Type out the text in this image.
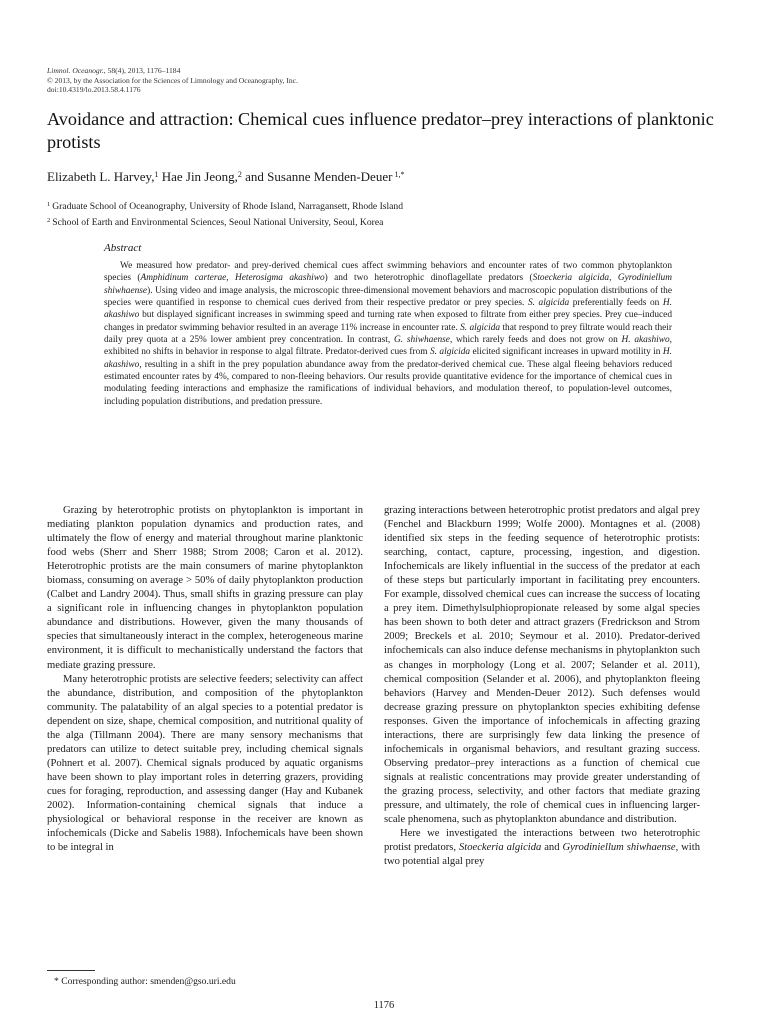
Limnol. Oceanogr., 58(4), 2013, 1176–1184
© 2013, by the Association for the Sciences of Limnology and Oceanography, Inc.
doi:10.4319/lo.2013.58.4.1176
Avoidance and attraction: Chemical cues influence predator–prey interactions of planktonic protists
Elizabeth L. Harvey,$^1$ Hae Jin Jeong,$^2$ and Susanne Menden-Deuer $^{1,*}$
$^1$ Graduate School of Oceanography, University of Rhode Island, Narragansett, Rhode Island
$^2$ School of Earth and Environmental Sciences, Seoul National University, Seoul, Korea
Abstract

We measured how predator- and prey-derived chemical cues affect swimming behaviors and encounter rates of two common phytoplankton species (Amphidinum carterae, Heterosigma akashiwo) and two heterotrophic dinoflagellate predators (Stoeckeria algicida, Gyrodiniellum shiwhaense). Using video and image analysis, the microscopic three-dimensional movement behaviors and macroscopic population distributions of the species were quantified in response to chemical cues derived from their respective predator or prey species. S. algicida preferentially feeds on H. akashiwo but displayed significant increases in swimming speed and turning rate when exposed to filtrate from either prey species. Prey cue–induced changes in predator swimming behavior resulted in an average 11% increase in encounter rate. S. algicida that respond to prey filtrate would reach their daily prey quota at a 25% lower ambient prey concentration. In contrast, G. shiwhaense, which rarely feeds and does not grow on H. akashiwo, exhibited no shifts in behavior in response to algal filtrate. Predator-derived cues from S. algicida elicited significant increases in upward motility in H. akashiwo, resulting in a shift in the prey population abundance away from the predator-derived chemical cue. These algal fleeing behaviors reduced estimated encounter rates by 4%, compared to non-fleeing behaviors. Our results provide quantitative evidence for the importance of chemical cues in modulating feeding interactions and emphasize the ramifications of individual behaviors, and modulation thereof, to population-level outcomes, including population distributions, and predation pressure.

Grazing by heterotrophic protists on phytoplankton is important in mediating plankton population dynamics and production rates, and ultimately the flow of energy and material throughout marine planktonic food webs (Sherr and Sherr 1988; Strom 2008; Caron et al. 2012). Heterotrophic protists are the main consumers of marine phytoplankton biomass, consuming on average > 50% of daily phytoplankton production (Calbet and Landry 2004). Thus, small shifts in grazing pressure can play a significant role in influencing changes in phytoplankton population abundance and distributions. However, given the many thousands of species that simultaneously interact in the complex, heterogeneous marine environment, it is difficult to mechanistically understand the factors that mediate grazing pressure.

Many heterotrophic protists are selective feeders; selectivity can affect the abundance, distribution, and composition of the phytoplankton community. The palatability of an algal species to a potential predator is dependent on size, shape, chemical composition, and nutritional quality of the alga (Tillmann 2004). There are many sensory mechanisms that predators can utilize to detect suitable prey, including chemical signals (Pohnert et al. 2007). Chemical signals produced by aquatic organisms have been shown to play important roles in deterring grazers, providing cues for foraging, reproduction, and assessing danger (Hay and Kubanek 2002). Information-containing chemical signals that induce a physiological or behavioral response in the receiver are known as infochemicals (Dicke and Sabelis 1988). Infochemicals have been shown to be integral in

grazing interactions between heterotrophic protist predators and algal prey (Fenchel and Blackburn 1999; Wolfe 2000). Montagnes et al. (2008) identified six steps in the feeding sequence of heterotrophic protists: searching, contact, capture, processing, ingestion, and digestion. Infochemicals are likely influential in the success of the predator at each of these steps but particularly important in facilitating prey encounters. For example, dissolved chemical cues can increase the success of locating a prey item. Dimethylsulphiopropionate released by some algal species has been shown to both deter and attract grazers (Fredrickson and Strom 2009; Breckels et al. 2010; Seymour et al. 2010). Predator-derived infochemicals can also induce defense mechanisms in phytoplankton such as changes in morphology (Long et al. 2007; Selander et al. 2011), chemical composition (Selander et al. 2006), and phytoplankton fleeing behaviors (Harvey and Menden-Deuer 2012). Such defenses would decrease grazing pressure on phytoplankton species exhibiting defense responses. Given the importance of infochemicals in affecting grazing interactions, there are surprisingly few data linking the presence of infochemicals in organismal behaviors, and resultant grazing success. Observing predator–prey interactions as a function of chemical cue signals at realistic concentrations may provide greater understanding of the grazing process, selectivity, and other factors that mediate grazing pressure, and ultimately, the role of chemical cues in influencing larger-scale phenomena, such as phytoplankton abundance and distribution.

Here we investigated the interactions between two heterotrophic protist predators, Stoeckeria algicida and Gyrodiniellum shiwhaense, with two potential algal prey

* Corresponding author: smenden@gso.uri.edu
1176
